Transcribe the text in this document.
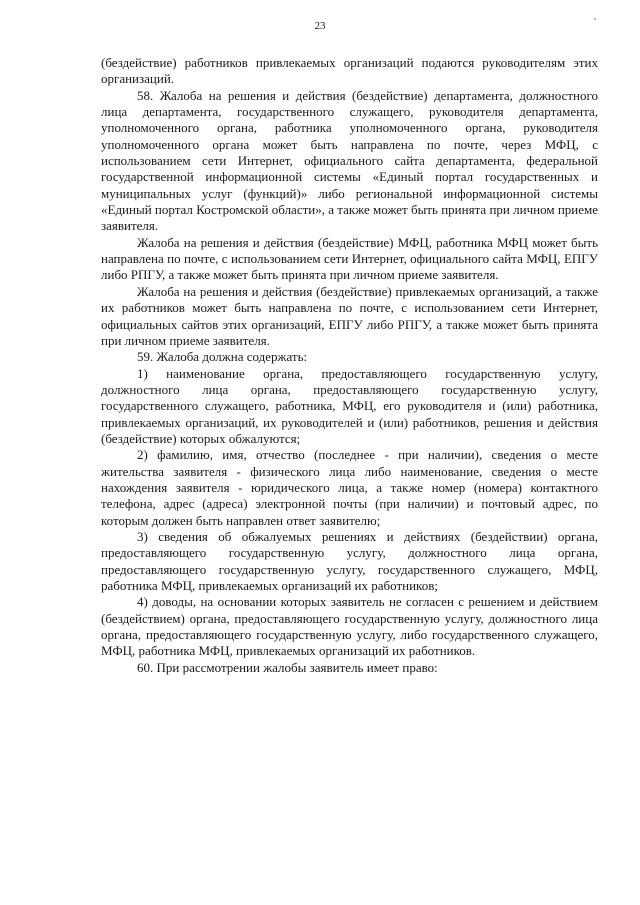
23

(бездействие) работников привлекаемых организаций подаются руководителям этих организаций.

58. Жалоба на решения и действия (бездействие) департамента, должностного лица департамента, государственного служащего, руководителя департамента, уполномоченного органа, работника уполномоченного органа, руководителя уполномоченного органа может быть направлена по почте, через МФЦ, с использованием сети Интернет, официального сайта департамента, федеральной государственной информационной системы «Единый портал государственных и муниципальных услуг (функций)» либо региональной информационной системы «Единый портал Костромской области», а также может быть принята при личном приеме заявителя.

Жалоба на решения и действия (бездействие) МФЦ, работника МФЦ может быть направлена по почте, с использованием сети Интернет, официального сайта МФЦ, ЕПГУ либо РПГУ, а также может быть принята при личном приеме заявителя.

Жалоба на решения и действия (бездействие) привлекаемых организаций, а также их работников может быть направлена по почте, с использованием сети Интернет, официальных сайтов этих организаций, ЕПГУ либо РПГУ, а также может быть принята при личном приеме заявителя.

59. Жалоба должна содержать:

1) наименование органа, предоставляющего государственную услугу, должностного лица органа, предоставляющего государственную услугу, государственного служащего, работника, МФЦ, его руководителя и (или) работника, привлекаемых организаций, их руководителей и (или) работников, решения и действия (бездействие) которых обжалуются;

2) фамилию, имя, отчество (последнее - при наличии), сведения о месте жительства заявителя - физического лица либо наименование, сведения о месте нахождения заявителя - юридического лица, а также номер (номера) контактного телефона, адрес (адреса) электронной почты (при наличии) и почтовый адрес, по которым должен быть направлен ответ заявителю;

3) сведения об обжалуемых решениях и действиях (бездействии) органа, предоставляющего государственную услугу, должностного лица органа, предоставляющего государственную услугу, государственного служащего, МФЦ, работника МФЦ, привлекаемых организаций их работников;

4) доводы, на основании которых заявитель не согласен с решением и действием (бездействием) органа, предоставляющего государственную услугу, должностного лица органа, предоставляющего государственную услугу, либо государственного служащего, МФЦ, работника МФЦ, привлекаемых организаций их работников.

60. При рассмотрении жалобы заявитель имеет право:
